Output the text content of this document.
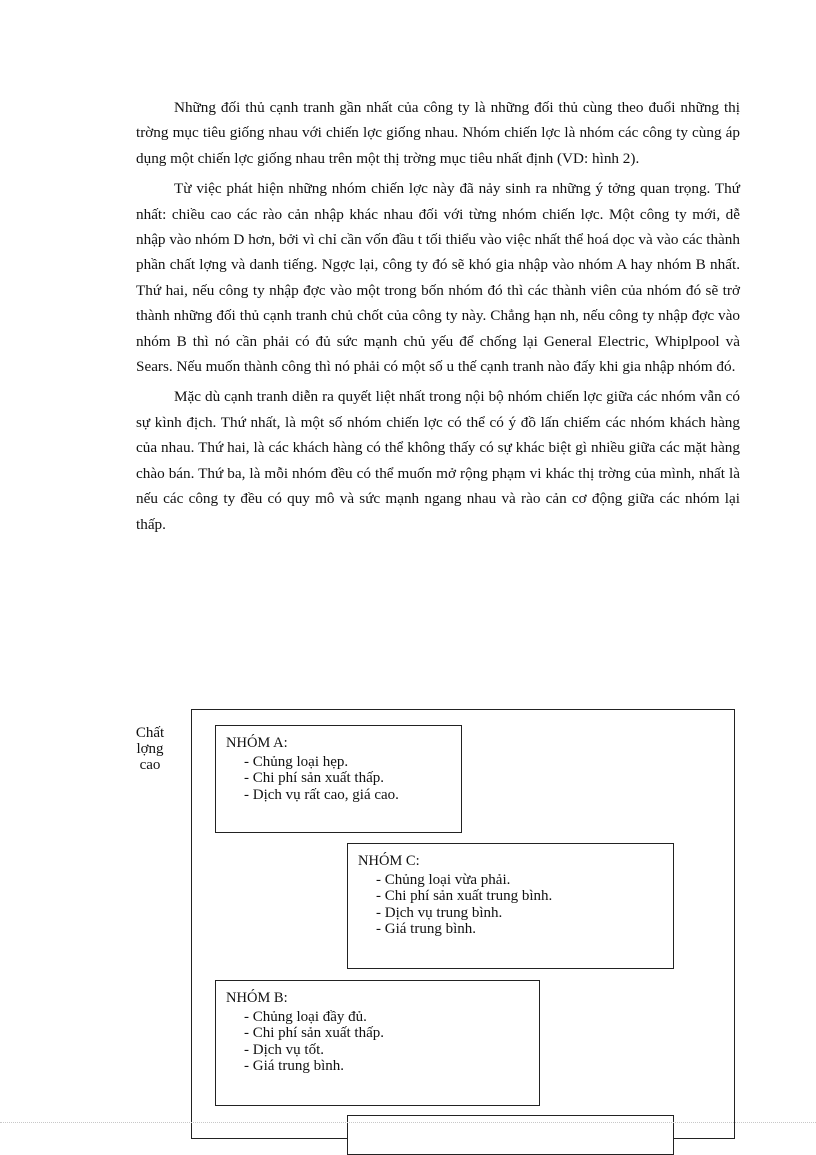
Những đối thủ cạnh tranh gần nhất của công ty là những đối thủ cùng theo đuổi những thị trờng mục tiêu giống nhau với chiến lợc giống nhau. Nhóm chiến lợc là nhóm các công ty cùng áp dụng một chiến lợc giống nhau trên một thị trờng mục tiêu nhất định (VD: hình 2).

Từ việc phát hiện những nhóm chiến lợc này đã nảy sinh ra những ý tởng quan trọng. Thứ nhất: chiều cao các rào cản nhập khác nhau đối với từng nhóm chiến lợc. Một công ty mới, dễ nhập vào nhóm D hơn, bởi vì chỉ cần vốn đầu t tối thiểu vào việc nhất thể hoá dọc và vào các thành phần chất lợng và danh tiếng. Ngợc lại, công ty đó sẽ khó gia nhập vào nhóm A hay nhóm B nhất. Thứ hai, nếu công ty nhập đợc vào một trong bốn nhóm đó thì các thành viên của nhóm đó sẽ trở thành những đối thủ cạnh tranh chủ chốt của công ty này. Chẳng hạn nh, nếu công ty nhập đợc vào nhóm B thì nó cần phải có đủ sức mạnh chủ yếu để chống lại General Electric, Whiplpool và Sears. Nếu muốn thành công thì nó phải có một số u thế cạnh tranh nào đấy khi gia nhập nhóm đó.

Mặc dù cạnh tranh diễn ra quyết liệt nhất trong nội bộ nhóm chiến lợc giữa các nhóm vẫn có sự kình địch. Thứ nhất, là một số nhóm chiến lợc có thể có ý đồ lấn chiếm các nhóm khách hàng của nhau. Thứ hai, là các khách hàng có thể không thấy có sự khác biệt gì nhiều giữa các mặt hàng chào bán. Thứ ba, là mỗi nhóm đều có thể muốn mở rộng phạm vi khác thị trờng của mình, nhất là nếu các công ty đều có quy mô và sức mạnh ngang nhau và rào cản cơ động giữa các nhóm lại thấp.

Chất
lợng
cao
NHÓM A:
- Chủng loại hẹp.
- Chi phí sản xuất thấp.
- Dịch vụ rất cao, giá cao.
NHÓM C:
- Chủng loại vừa phải.
- Chi phí sản xuất trung bình.
- Dịch vụ trung bình.
- Giá trung bình.
NHÓM B:
- Chủng loại đầy đủ.
- Chi phí sản xuất thấp.
- Dịch vụ tốt.
- Giá trung bình.
